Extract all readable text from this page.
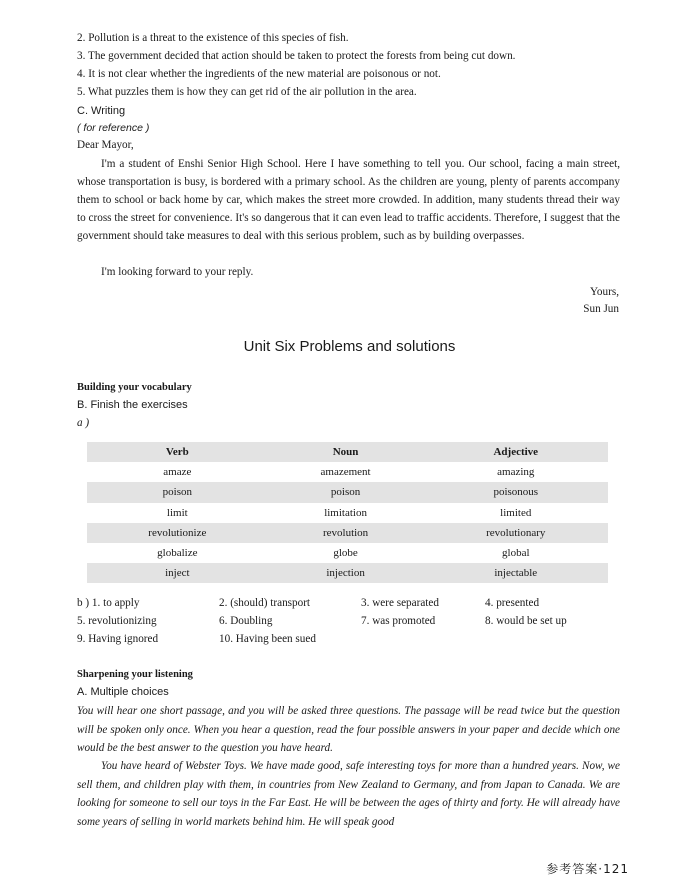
2. Pollution is a threat to the existence of this species of fish.
3. The government decided that action should be taken to protect the forests from being cut down.
4. It is not clear whether the ingredients of the new material are poisonous or not.
5. What puzzles them is how they can get rid of the air pollution in the area.
C. Writing
( for reference )
Dear Mayor,

I'm a student of Enshi Senior High School. Here I have something to tell you. Our school, facing a main street, whose transportation is busy, is bordered with a primary school. As the children are young, plenty of parents accompany them to school or back home by car, which makes the street more crowded. In addition, many students thread their way to cross the street for convenience. It's so dangerous that it can even lead to traffic accidents. Therefore, I suggest that the government should take measures to deal with this serious problem, such as by building overpasses.

I'm looking forward to your reply.
Yours,
Sun Jun
Unit Six Problems and solutions
Building your vocabulary
B. Finish the exercises
a )
Verb	Noun	Adjective
amaze	amazement	amazing
poison	poison	poisonous
limit	limitation	limited
revolutionize	revolution	revolutionary
globalize	globe	global
inject	injection	injectable
b ) 1. to apply	2. (should) transport	3. were separated	4. presented
5. revolutionizing	6. Doubling	7. was promoted	8. would be set up
9. Having ignored	10. Having been sued
Sharpening your listening
A. Multiple choices

You will hear one short passage, and you will be asked three questions. The passage will be read twice but the question will be spoken only once. When you hear a question, read the four possible answers in your paper and decide which one would be the best answer to the question you have heard.

You have heard of Webster Toys. We have made good, safe interesting toys for more than a hundred years. Now, we sell them, and children play with them, in countries from New Zealand to Germany, and from Japan to Canada. We are looking for someone to sell our toys in the Far East. He will be between the ages of thirty and forty. He will already have some years of selling in world markets behind him. He will speak good

参考答案·121
